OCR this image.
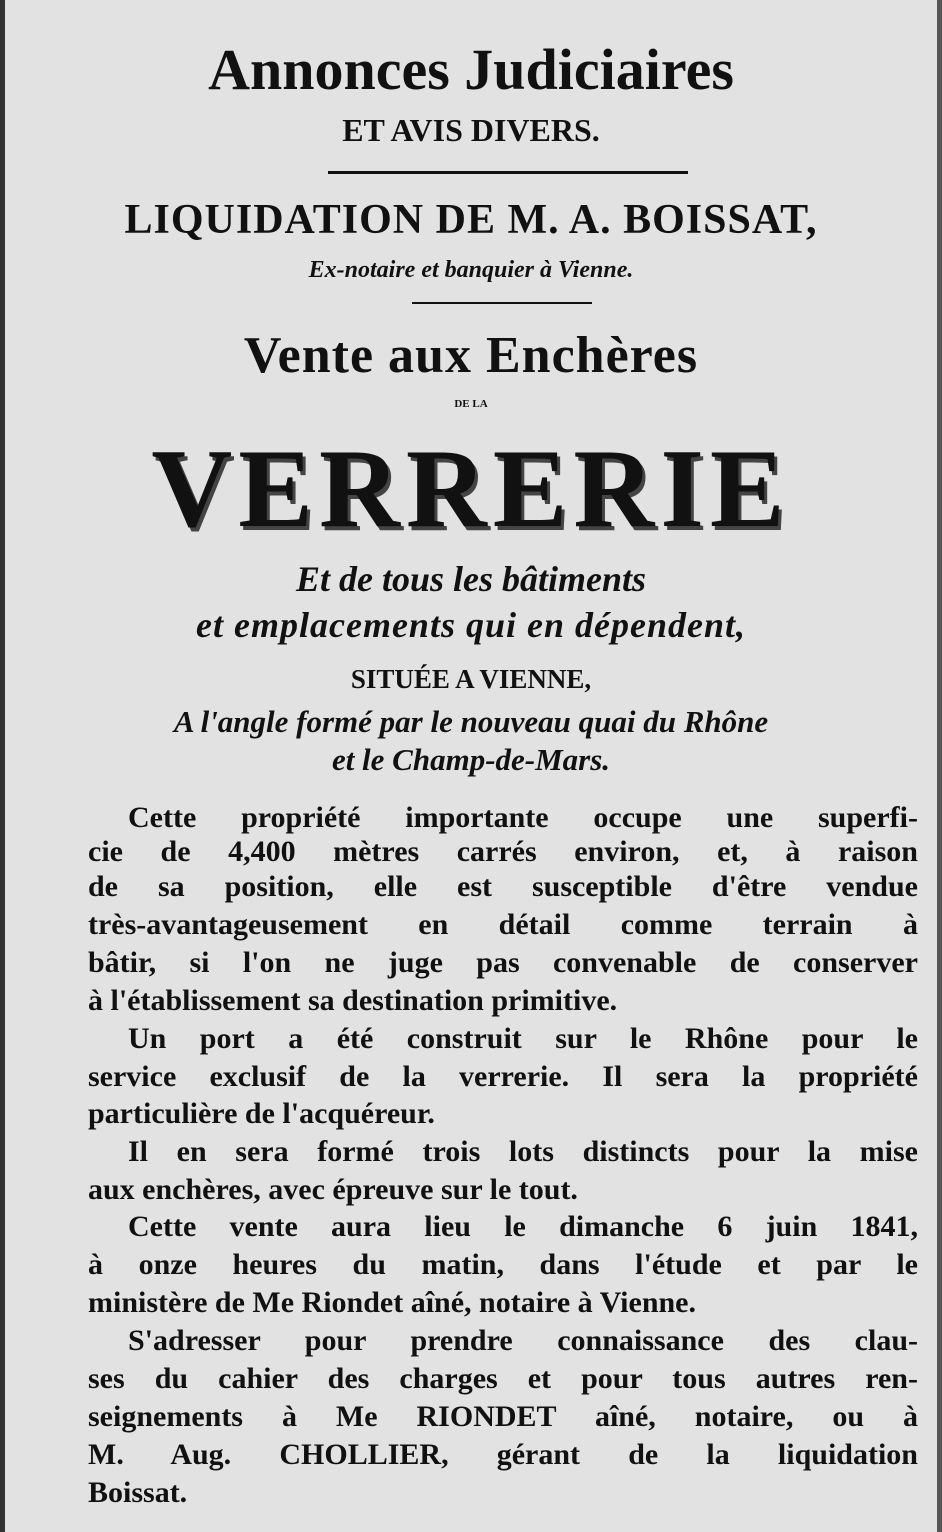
Annonces Judiciaires
ET AVIS DIVERS.
LIQUIDATION DE M. A. BOISSAT,
Ex-notaire et banquier à Vienne.
Vente aux Enchères
DE LA
VERRERIE
Et de tous les bâtiments
et emplacements qui en dépendent,
SITUÉE A VIENNE,
A l'angle formé par le nouveau quai du Rhône
et le Champ-de-Mars.
Cette propriété importante occupe une superfi-
cie de 4,400 mètres carrés environ, et, à raison
de sa position, elle est susceptible d'être vendue
très-avantageusement en détail comme terrain à
bâtir, si l'on ne juge pas convenable de conserver
à l'établissement sa destination primitive.
Un port a été construit sur le Rhône pour le
service exclusif de la verrerie. Il sera la propriété
particulière de l'acquéreur.
Il en sera formé trois lots distincts pour la mise
aux enchères, avec épreuve sur le tout.
Cette vente aura lieu le dimanche 6 juin 1841,
à onze heures du matin, dans l'étude et par le
ministère de Me Riondet aîné, notaire à Vienne.
S'adresser pour prendre connaissance des clau-
ses du cahier des charges et pour tous autres ren-
seignements à Me RIONDET aîné, notaire, ou à
M. Aug. CHOLLIER, gérant de la liquidation
Boissat.
